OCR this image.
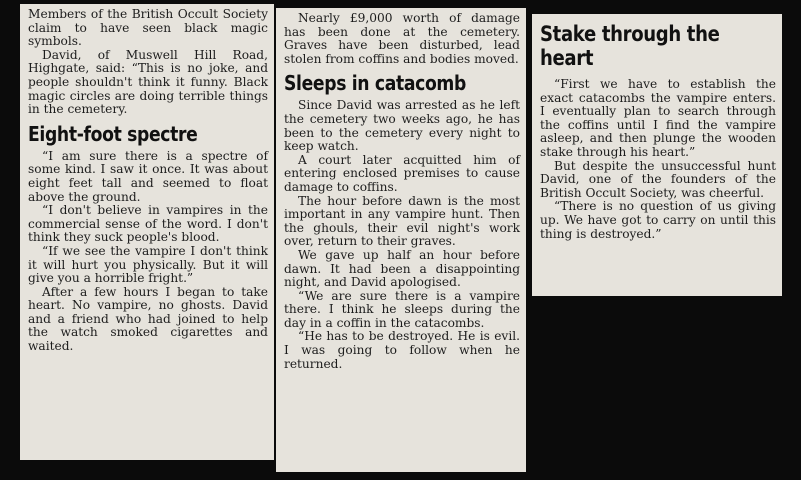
Members of the British Occult Society claim to have seen black magic symbols.

David, of Muswell Hill Road, Highgate, said: “This is no joke, and people shouldn't think it funny. Black magic circles are doing terrible things in the cemetery.

Eight-foot spectre

“I am sure there is a spectre of some kind. I saw it once. It was about eight feet tall and seemed to float above the ground.

“I don't believe in vampires in the commercial sense of the word. I don't think they suck people's blood.

“If we see the vampire I don't think it will hurt you physically. But it will give you a horrible fright.”

After a few hours I began to take heart. No vampire, no ghosts. David and a friend who had joined to help the watch smoked cigarettes and waited.

Nearly £9,000 worth of damage has been done at the cemetery. Graves have been disturbed, lead stolen from coffins and bodies moved.

Sleeps in catacomb

Since David was arrested as he left the cemetery two weeks ago, he has been to the cemetery every night to keep watch.

A court later acquitted him of entering enclosed premises to cause damage to coffins.

The hour before dawn is the most important in any vampire hunt. Then the ghouls, their evil night's work over, return to their graves.

We gave up half an hour before dawn. It had been a disappointing night, and David apologised.

“We are sure there is a vampire there. I think he sleeps during the day in a coffin in the catacombs.

“He has to be destroyed. He is evil. I was going to follow when he returned.

Stake through the heart

“First we have to establish the exact catacombs the vampire enters. I eventually plan to search through the coffins until I find the vampire asleep, and then plunge the wooden stake through his heart.”

But despite the unsuccessful hunt David, one of the founders of the British Occult Society, was cheerful.

“There is no question of us giving up. We have got to carry on until this thing is destroyed.”
